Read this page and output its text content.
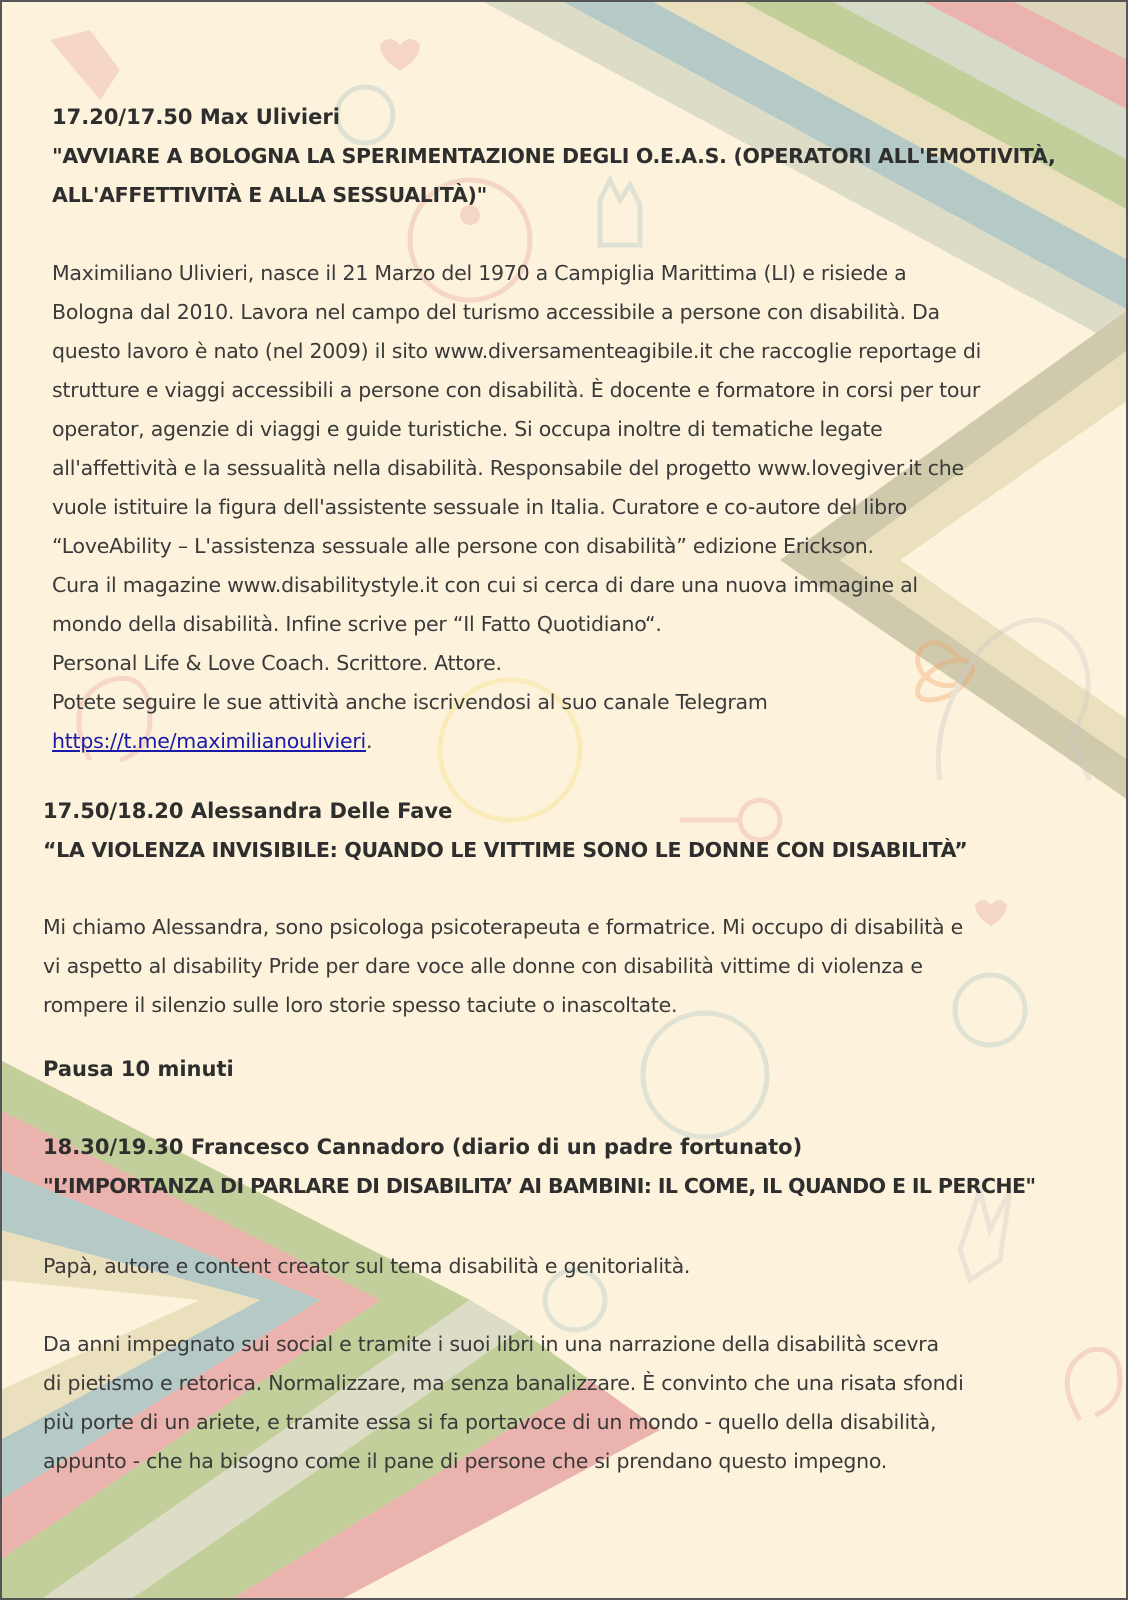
17.20/17.50 Max Ulivieri
"AVVIARE A BOLOGNA LA SPERIMENTAZIONE DEGLI O.E.A.S. (OPERATORI ALL'EMOTIVITÀ,
ALL'AFFETTIVITÀ E ALLA SESSUALITÀ)"
Maximiliano Ulivieri, nasce il 21 Marzo del 1970 a Campiglia Marittima (LI) e risiede a
Bologna dal 2010. Lavora nel campo del turismo accessibile a persone con disabilità. Da
questo lavoro è nato (nel 2009) il sito www.diversamenteagibile.it che raccoglie reportage di
strutture e viaggi accessibili a persone con disabilità. È docente e formatore in corsi per tour
operator, agenzie di viaggi e guide turistiche. Si occupa inoltre di tematiche legate
all'affettività e la sessualità nella disabilità. Responsabile del progetto www.lovegiver.it che
vuole istituire la figura dell'assistente sessuale in Italia. Curatore e co-autore del libro
“LoveAbility – L'assistenza sessuale alle persone con disabilità” edizione Erickson.
Cura il magazine www.disabilitystyle.it con cui si cerca di dare una nuova immagine al
mondo della disabilità. Infine scrive per “Il Fatto Quotidiano“.
Personal Life & Love Coach. Scrittore. Attore.
Potete seguire le sue attività anche iscrivendosi al suo canale Telegram
https://t.me/maximilianoulivieri.
17.50/18.20 Alessandra Delle Fave
“LA VIOLENZA INVISIBILE: QUANDO LE VITTIME SONO LE DONNE CON DISABILITÀ”
Mi chiamo Alessandra, sono psicologa psicoterapeuta e formatrice. Mi occupo di disabilità e
vi aspetto al disability Pride per dare voce alle donne con disabilità vittime di violenza e
rompere il silenzio sulle loro storie spesso taciute o inascoltate.
Pausa 10 minuti
18.30/19.30 Francesco Cannadoro (diario di un padre fortunato)
"L’IMPORTANZA DI PARLARE DI DISABILITA’ AI BAMBINI: IL COME, IL QUANDO E IL PERCHE"
Papà, autore e content creator sul tema disabilità e genitorialità.
Da anni impegnato sui social e tramite i suoi libri in una narrazione della disabilità scevra
di pietismo e retorica. Normalizzare, ma senza banalizzare. È convinto che una risata sfondi
più porte di un ariete, e tramite essa si fa portavoce di un mondo - quello della disabilità,
appunto - che ha bisogno come il pane di persone che si prendano questo impegno.
